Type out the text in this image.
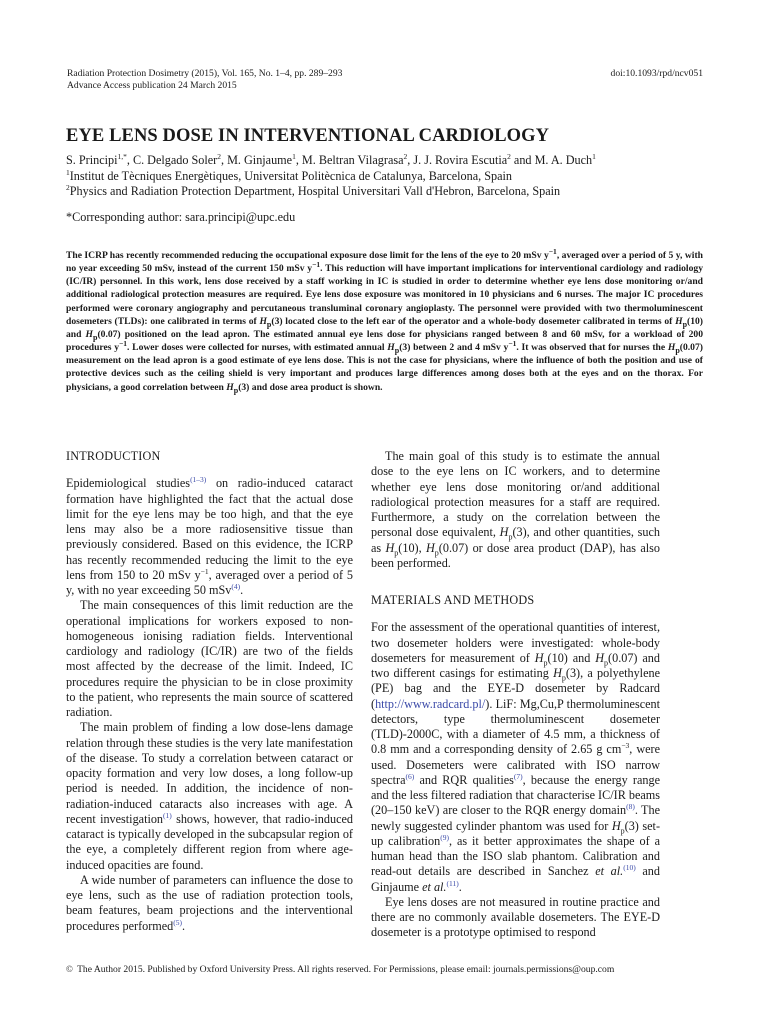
Radiation Protection Dosimetry (2015), Vol. 165, No. 1–4, pp. 289–293
Advance Access publication 24 March 2015
doi:10.1093/rpd/ncv051
EYE LENS DOSE IN INTERVENTIONAL CARDIOLOGY
S. Principi$^{1,*}$, C. Delgado Soler$^2$, M. Ginjaume$^1$, M. Beltran Vilagrasa$^2$, J. J. Rovira Escutia$^2$ and M. A. Duch$^1$
$^1$Institut de Tècniques Energètiques, Universitat Politècnica de Catalunya, Barcelona, Spain
$^2$Physics and Radiation Protection Department, Hospital Universitari Vall d'Hebron, Barcelona, Spain
*Corresponding author: sara.principi@upc.edu
The ICRP has recently recommended reducing the occupational exposure dose limit for the lens of the eye to 20 mSv $y^{-1}$, averaged over a period of 5 y, with no year exceeding 50 mSv, instead of the current 150 mSv $y^{-1}$. This reduction will have important implications for interventional cardiology and radiology (IC/IR) personnel. In this work, lens dose received by a staff working in IC is studied in order to determine whether eye lens dose monitoring or/and additional radiological protection measures are required. Eye lens dose exposure was monitored in 10 physicians and 6 nurses. The major IC procedures performed were coronary angiography and percutaneous transluminal coronary angioplasty. The personnel were provided with two thermoluminescent dosemeters (TLDs): one calibrated in terms of $H_p(3)$ located close to the left ear of the operator and a whole-body dosemeter calibrated in terms of $H_p(10)$ and $H_p(0.07)$ positioned on the lead apron. The estimated annual eye lens dose for physicians ranged between 8 and 60 mSv, for a workload of 200 procedures $y^{-1}$. Lower doses were collected for nurses, with estimated annual $H_p(3)$ between 2 and 4 mSv $y^{-1}$. It was observed that for nurses the $H_p(0.07)$ measurement on the lead apron is a good estimate of eye lens dose. This is not the case for physicians, where the influence of both the position and use of protective devices such as the ceiling shield is very important and produces large differences among doses both at the eyes and on the thorax. For physicians, a good correlation between $H_p(3)$ and dose area product is shown.
INTRODUCTION

Epidemiological studies$^{(1-3)}$ on radio-induced cataract formation have highlighted the fact that the actual dose limit for the eye lens may be too high, and that the eye lens may also be a more radiosensitive tissue than previously considered. Based on this evidence, the ICRP has recently recommended reducing the limit to the eye lens from 150 to 20 mSv $y^{-1}$, averaged over a period of 5 y, with no year exceeding 50 mSv$^{(4)}$.

The main consequences of this limit reduction are the operational implications for workers exposed to non-homogeneous ionising radiation fields. Interventional cardiology and radiology (IC/IR) are two of the fields most affected by the decrease of the limit. Indeed, IC procedures require the physician to be in close proximity to the patient, who represents the main source of scattered radiation.

The main problem of finding a low dose-lens damage relation through these studies is the very late manifestation of the disease. To study a correlation between cataract or opacity formation and very low doses, a long follow-up period is needed. In addition, the incidence of non-radiation-induced cataracts also increases with age. A recent investigation$^{(1)}$ shows, however, that radio-induced cataract is typically developed in the subcapsular region of the eye, a completely different region from where age-induced opacities are found.

A wide number of parameters can influence the dose to eye lens, such as the use of radiation protection tools, beam features, beam projections and the interventional procedures performed$^{(5)}$.

The main goal of this study is to estimate the annual dose to the eye lens on IC workers, and to determine whether eye lens dose monitoring or/and additional radiological protection measures for a staff are required. Furthermore, a study on the correlation between the personal dose equivalent, $H_p(3)$, and other quantities, such as $H_p(10)$, $H_p(0.07)$ or dose area product (DAP), has also been performed.

MATERIALS AND METHODS

For the assessment of the operational quantities of interest, two dosemeter holders were investigated: whole-body dosemeters for measurement of $H_p(10)$ and $H_p(0.07)$ and two different casings for estimating $H_p(3)$, a polyethylene (PE) bag and the EYE-D dosemeter by Radcard (http://www.radcard.pl/). LiF: Mg,Cu,P thermoluminescent detectors, type thermoluminescent dosemeter (TLD)-2000C, with a diameter of 4.5 mm, a thickness of 0.8 mm and a corresponding density of 2.65 g $cm^{-3}$, were used. Dosemeters were calibrated with ISO narrow spectra$^{(6)}$ and RQR qualities$^{(7)}$, because the energy range and the less filtered radiation that characterise IC/IR beams (20–150 keV) are closer to the RQR energy domain$^{(8)}$. The newly suggested cylinder phantom was used for $H_p(3)$ set-up calibration$^{(9)}$, as it better approximates the shape of a human head than the ISO slab phantom. Calibration and read-out details are described in Sanchez et al.$^{(10)}$ and Ginjaume et al.$^{(11)}$.

Eye lens doses are not measured in routine practice and there are no commonly available dosemeters. The EYE-D dosemeter is a prototype optimised to respond

© The Author 2015. Published by Oxford University Press. All rights reserved. For Permissions, please email: journals.permissions@oup.com
